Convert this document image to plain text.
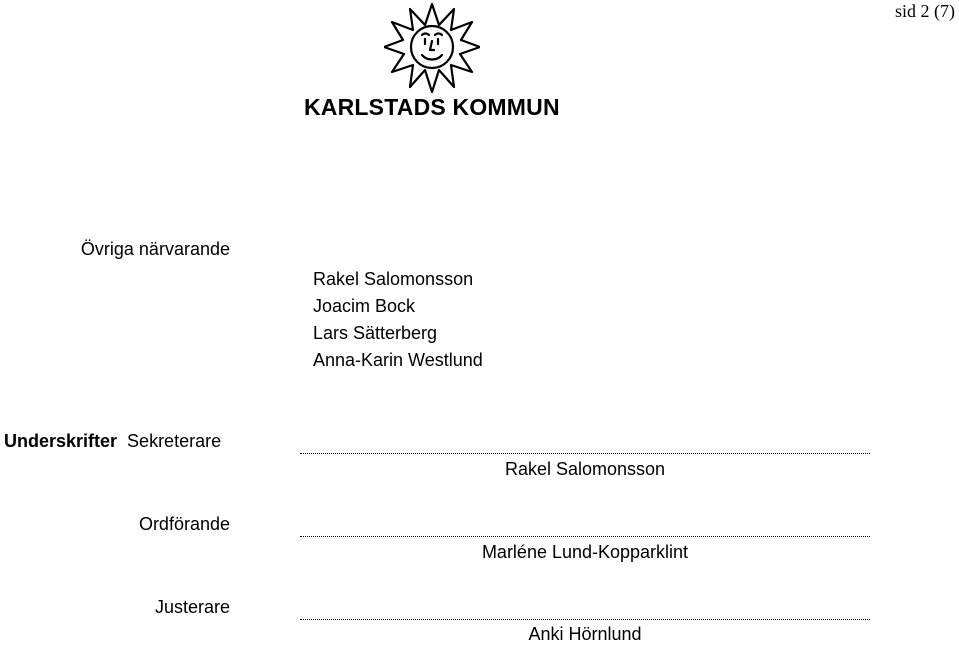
sid 2 (7)
KARLSTADS KOMMUN
Övriga närvarande
Rakel Salomonsson
Joacim Bock
Lars Sätterberg
Anna-Karin Westlund
Underskrifter Sekreterare
Rakel Salomonsson
Ordförande
Marléne Lund-Kopparklint
Justerare
Anki Hörnlund
